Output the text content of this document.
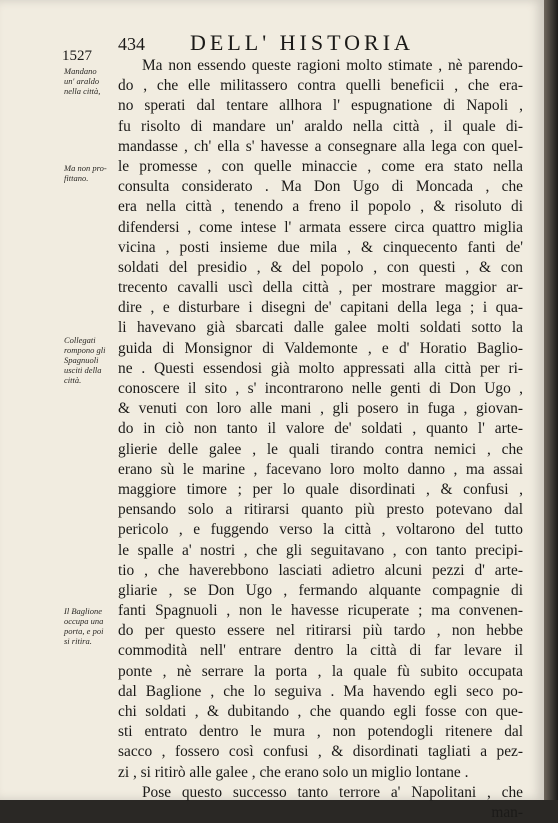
434 DELL' HISTORIA
1527
Mandano
un' araldo
nella città,
Ma non pro-
fittano.
Collegati
rompono gli
Spagnuoli
usciti della
città.
Il Baglione
occupa una
porta, e poi
si ritira.
Ma non essendo queste ragioni molto stimate , nè parendo-
do , che elle militassero contra quelli beneficii , che era-
no sperati dal tentare allhora l' espugnatione di Napoli ,
fu risolto di mandare un' araldo nella città , il quale di-
mandasse , ch' ella s' havesse a consegnare alla lega con quel-
le promesse , con quelle minaccie , come era stato nella
consulta considerato . Ma Don Ugo di Moncada , che
era nella città , tenendo a freno il popolo , & risoluto di
difendersi , come intese l' armata essere circa quattro miglia
vicina , posti insieme due mila , & cinquecento fanti de'
soldati del presidio , & del popolo , con questi , & con
trecento cavalli uscì della città , per mostrare maggior ar-
dire , e disturbare i disegni de' capitani della lega ; i qua-
li havevano già sbarcati dalle galee molti soldati sotto la
guida di Monsignor di Valdemonte , e d' Horatio Baglio-
ne . Questi essendosi già molto appressati alla città per ri-
conoscere il sito , s' incontrarono nelle genti di Don Ugo ,
& venuti con loro alle mani , gli posero in fuga , giovan-
do in ciò non tanto il valore de' soldati , quanto l' arte-
glierie delle galee , le quali tirando contra nemici , che
erano sù le marine , facevano loro molto danno , ma assai
maggiore timore ; per lo quale disordinati , & confusi ,
pensando solo a ritirarsi quanto più presto potevano dal
pericolo , e fuggendo verso la città , voltarono del tutto
le spalle a' nostri , che gli seguitavano , con tanto precipi-
tio , che haverebbono lasciati adietro alcuni pezzi d' arte-
gliarie , se Don Ugo , fermando alquante compagnie di
fanti Spagnuoli , non le havesse ricuperate ; ma convenen-
do per questo essere nel ritirarsi più tardo , non hebbe
commodità nell' entrare dentro la città di far levare il
ponte , nè serrare la porta , la quale fù subito occupata
dal Baglione , che lo seguiva . Ma havendo egli seco po-
chi soldati , & dubitando , che quando egli fosse con que-
sti entrato dentro le mura , non potendogli ritenere dal
sacco , fossero così confusi , & disordinati tagliati a pez-
zi , si ritirò alle galee , che erano solo un miglio lontane .
Pose questo successo tanto terrore a' Napolitani , che
man-
